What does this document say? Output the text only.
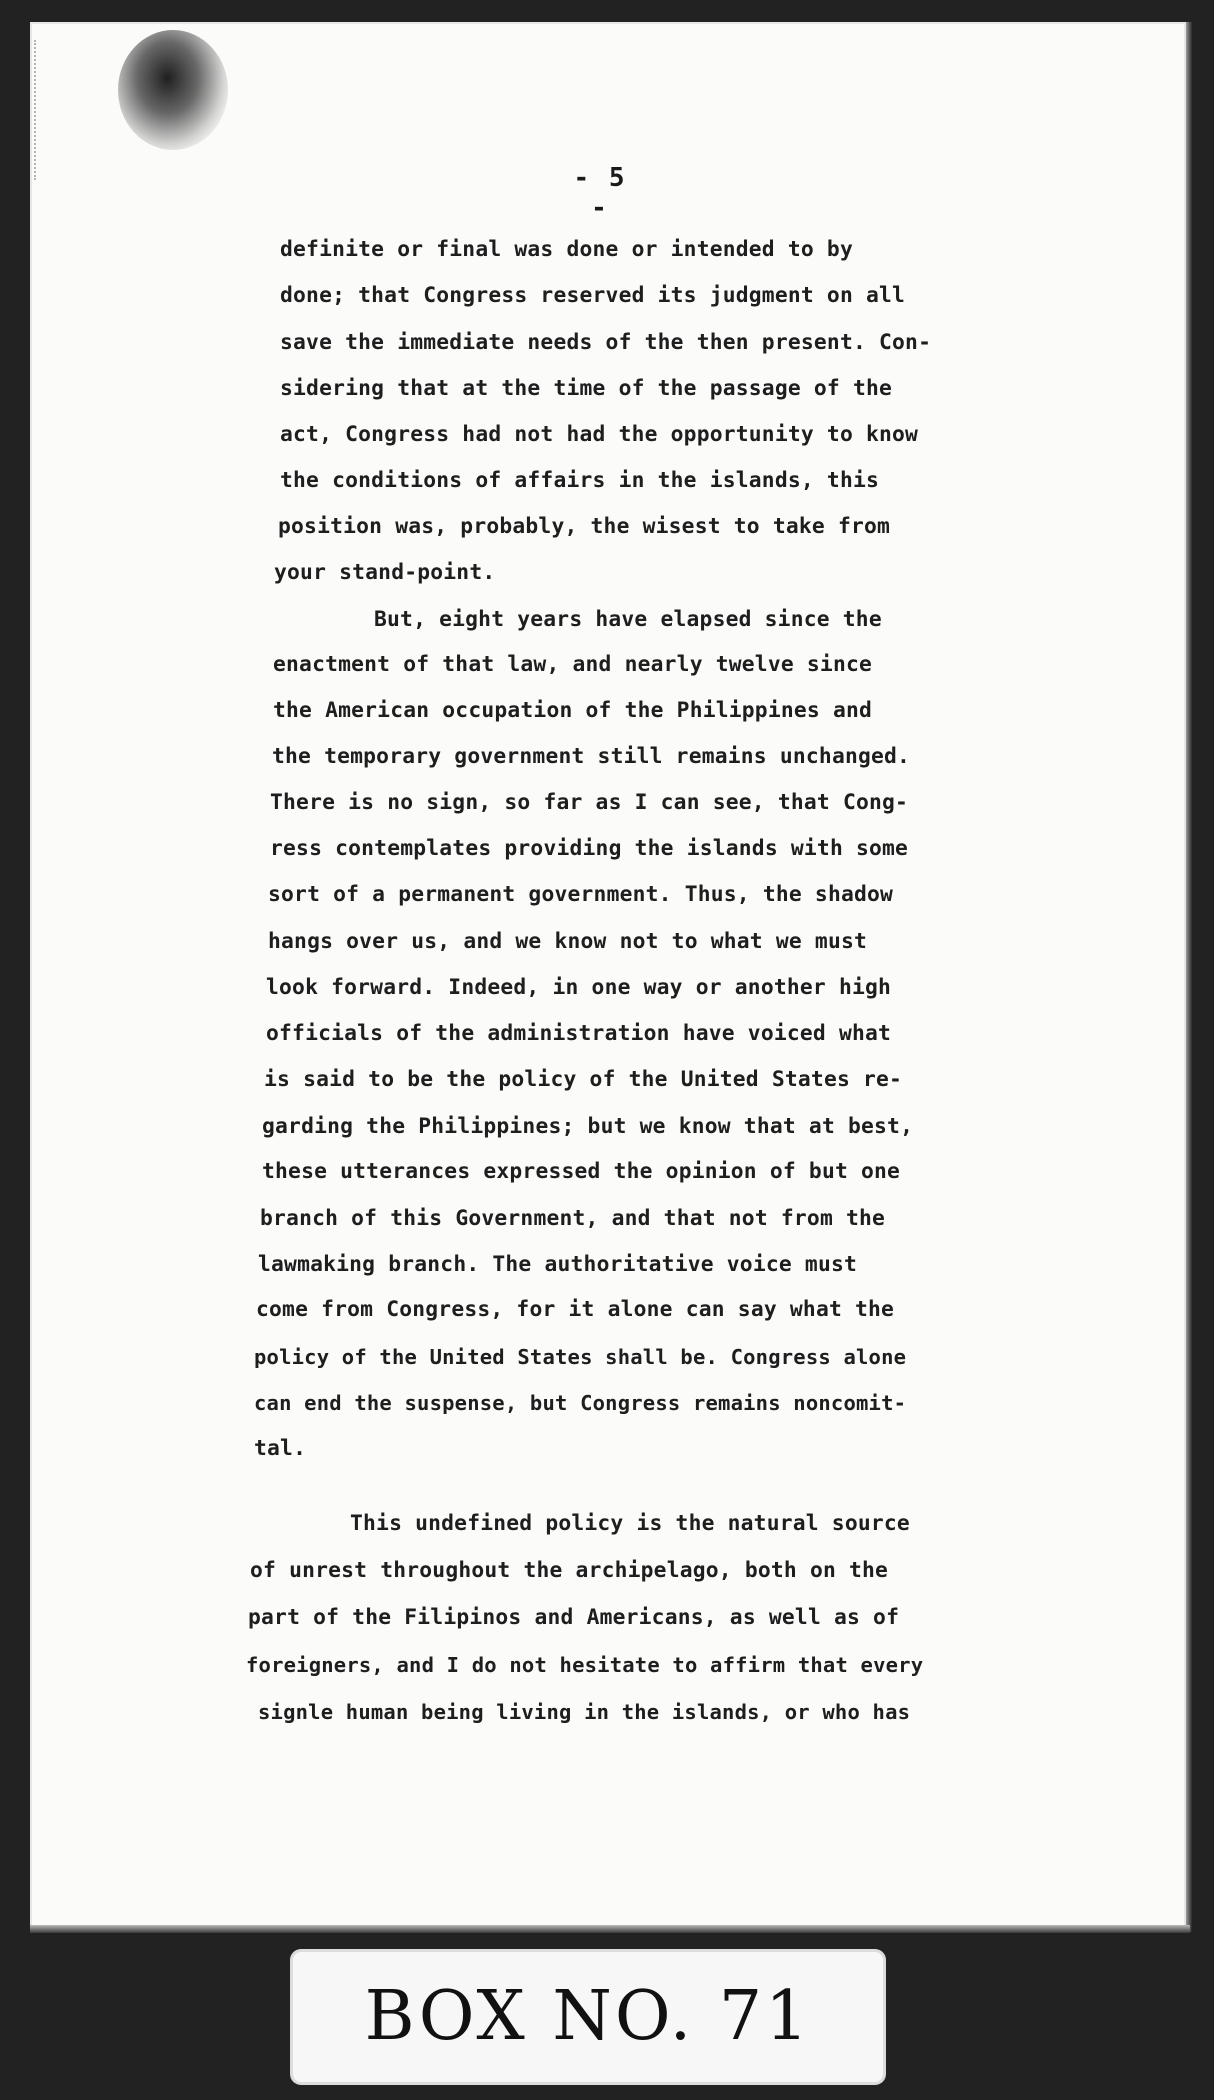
- 5 -
definite or final was done or intended to by
done; that Congress reserved its judgment on all
save the immediate needs of the then present. Con-
sidering that at the time of the passage of the
act, Congress had not had the opportunity to know
the conditions of affairs in the islands, this
position was, probably, the wisest to take from
your stand-point.
But, eight years have elapsed since the
enactment of that law, and nearly twelve since
the American occupation of the Philippines and
the temporary government still remains unchanged.
There is no sign, so far as I can see, that Cong-
ress contemplates providing the islands with some
sort of a permanent government. Thus, the shadow
hangs over us, and we know not to what we must
look forward. Indeed, in one way or another high
officials of the administration have voiced what
is said to be the policy of the United States re-
garding the Philippines; but we know that at best,
these utterances expressed the opinion of but one
branch of this Government, and that not from the
lawmaking branch. The authoritative voice must
come from Congress, for it alone can say what the
policy of the United States shall be. Congress alone
can end the suspense, but Congress remains noncomit-
tal.
This undefined policy is the natural source
of unrest throughout the archipelago, both on the
part of the Filipinos and Americans, as well as of
foreigners, and I do not hesitate to affirm that every
signle human being living in the islands, or who has
BOX NO. 71
